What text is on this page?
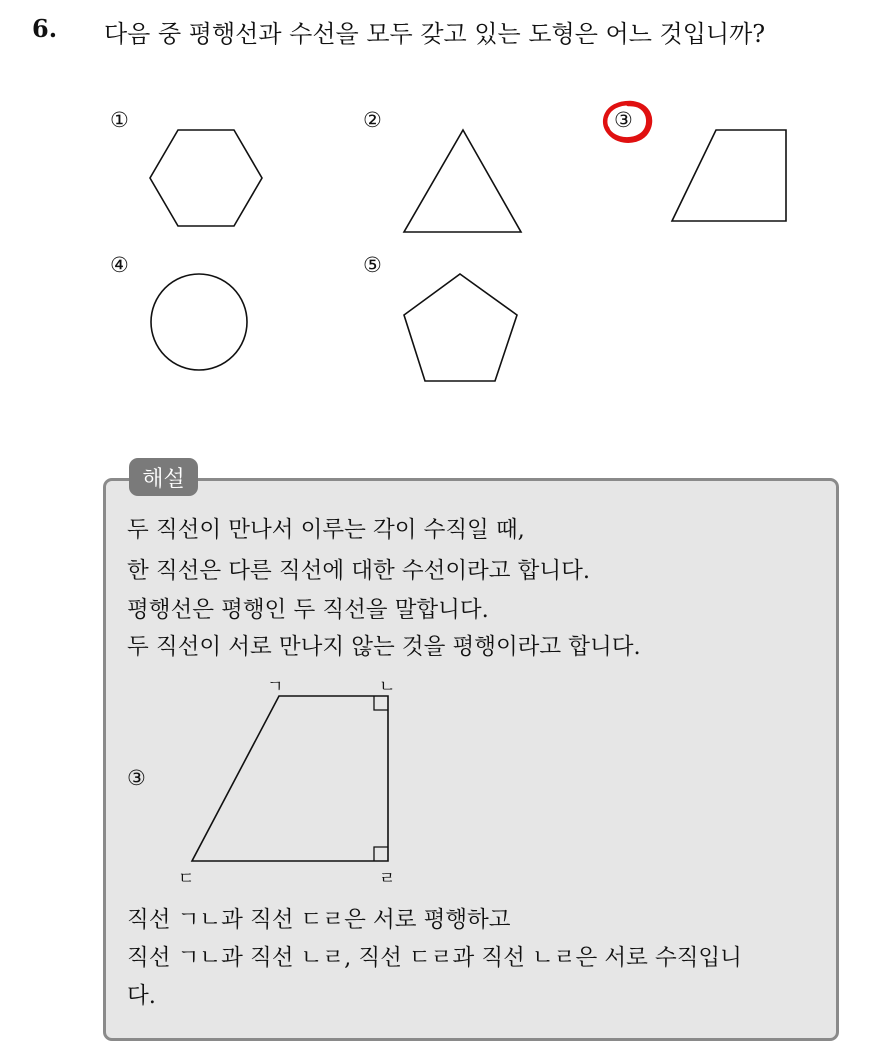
6. 다음 중 평행선과 수선을 모두 갖고 있는 도형은 어느 것입니까?
①	②	③
④	⑤
해설
두 직선이 만나서 이루는 각이 수직일 때,
한 직선은 다른 직선에 대한 수선이라고 합니다.
평행선은 평행인 두 직선을 말합니다.
두 직선이 서로 만나지 않는 것을 평행이라고 합니다.
③
ㄱ	ㄴ
ㄷ	ㄹ
직선 ㄱㄴ과 직선 ㄷㄹ은 서로 평행하고
직선 ㄱㄴ과 직선 ㄴㄹ, 직선 ㄷㄹ과 직선 ㄴㄹ은 서로 수직입니
다.
